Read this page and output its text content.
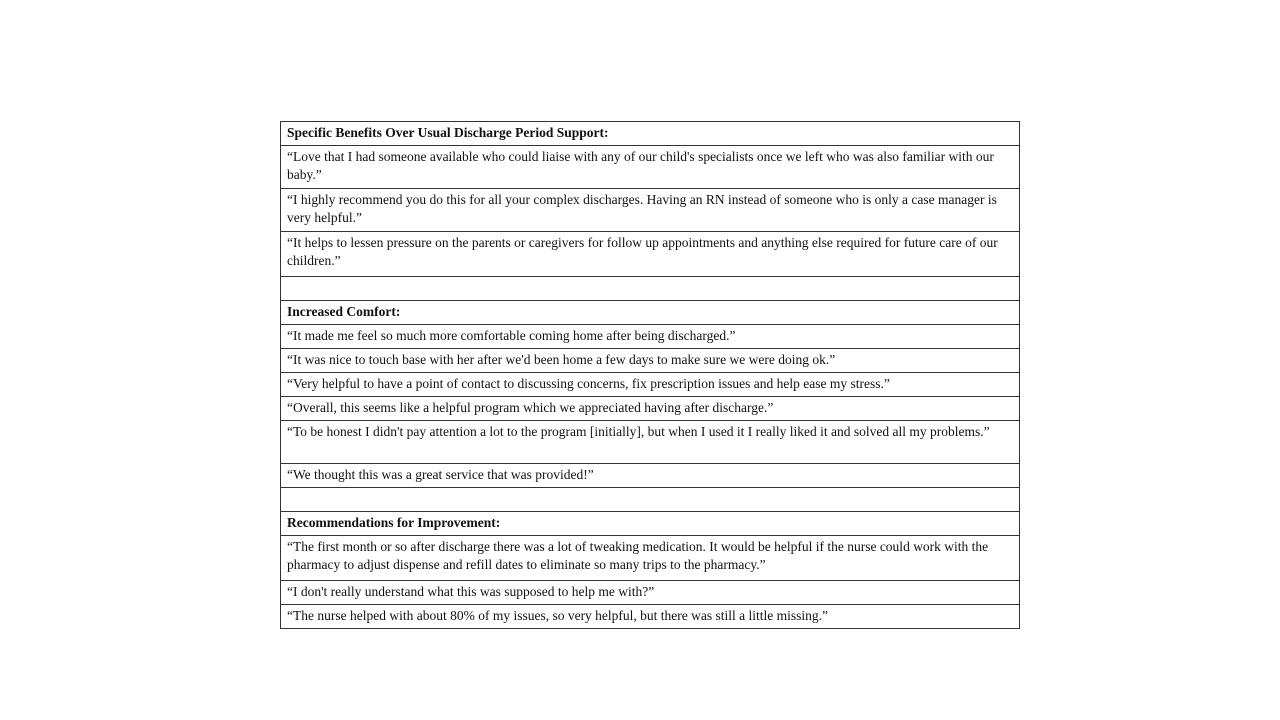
Specific Benefits Over Usual Discharge Period Support:
“Love that I had someone available who could liaise with any of our child's specialists once we left who was also familiar with our baby.”
“I highly recommend you do this for all your complex discharges. Having an RN instead of someone who is only a case manager is very helpful.”
“It helps to lessen pressure on the parents or caregivers for follow up appointments and anything else required for future care of our children.”

Increased Comfort:
“It made me feel so much more comfortable coming home after being discharged.”
“It was nice to touch base with her after we'd been home a few days to make sure we were doing ok.”
“Very helpful to have a point of contact to discussing concerns, fix prescription issues and help ease my stress.”
“Overall, this seems like a helpful program which we appreciated having after discharge.”
“To be honest I didn't pay attention a lot to the program [initially], but when I used it I really liked it and solved all my problems.”
“We thought this was a great service that was provided!”

Recommendations for Improvement:
“The first month or so after discharge there was a lot of tweaking medication. It would be helpful if the nurse could work with the pharmacy to adjust dispense and refill dates to eliminate so many trips to the pharmacy.”
“I don't really understand what this was supposed to help me with?”
“The nurse helped with about 80% of my issues, so very helpful, but there was still a little missing.”
